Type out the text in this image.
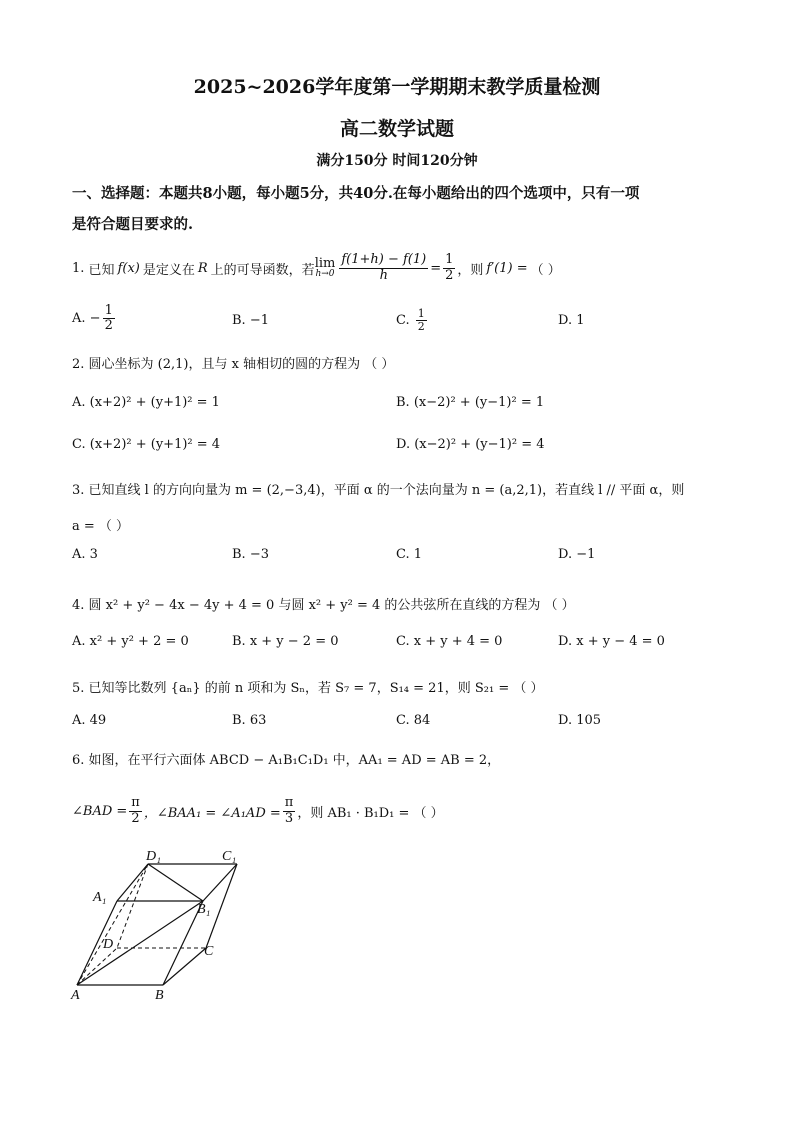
2025~2026学年度第一学期期末教学质量检测
高二数学试题
满分150分 时间120分钟
一、选择题：本题共8小题，每小题5分，共40分.在每小题给出的四个选项中，只有一项
是符合题目要求的.
1.
已知 f(x) 是定义在 R 上的可导函数，若 lim
$h\to 0 \frac{f(1+h) - f(1)}{h} = \frac{1}{2}$ ，则 f′(1) = （ ）
A.
− $\frac{1}{2}$	B. −1	C.
$\frac{1}{2}$	D. 1
2. 圆心坐标为 (2,1)，且与 x 轴相切的圆的方程为 （ ）
A. (x+2)² + (y+1)² = 1	B. (x−2)² + (y−1)² = 1
C. (x+2)² + (y+1)² = 4	D. (x−2)² + (y−1)² = 4
3. 已知直线 l 的方向向量为 m = (2,−3,4)，平面 α 的一个法向量为 n = (a,2,1)，若直线 l // 平面 α，则
a = （ ）
A. 3	B. −3	C. 1	D. −1
4. 圆 x² + y² − 4x − 4y + 4 = 0 与圆 x² + y² = 4 的公共弦所在直线的方程为 （ ）
A. x² + y² + 2 = 0	B. x + y − 2 = 0	C. x + y + 4 = 0	D. x + y − 4 = 0
5. 已知等比数列 {aₙ} 的前 n 项和为 Sₙ，若 S₇ = 7，S₁₄ = 21，则 S₂₁ = （ ）
A. 49	B. 63	C. 84	D. 105
6. 如图，在平行六面体 ABCD − A₁B₁C₁D₁ 中，AA₁ = AD = AB = 2，
∠BAD = $\frac{\pi}{2}$ ，∠BAA₁ = ∠A₁AD = $\frac{\pi}{3}$ ，则 AB₁ · B₁D₁ = （ ）
D₁	C₁
A₁
B₁
D	C
A	B
